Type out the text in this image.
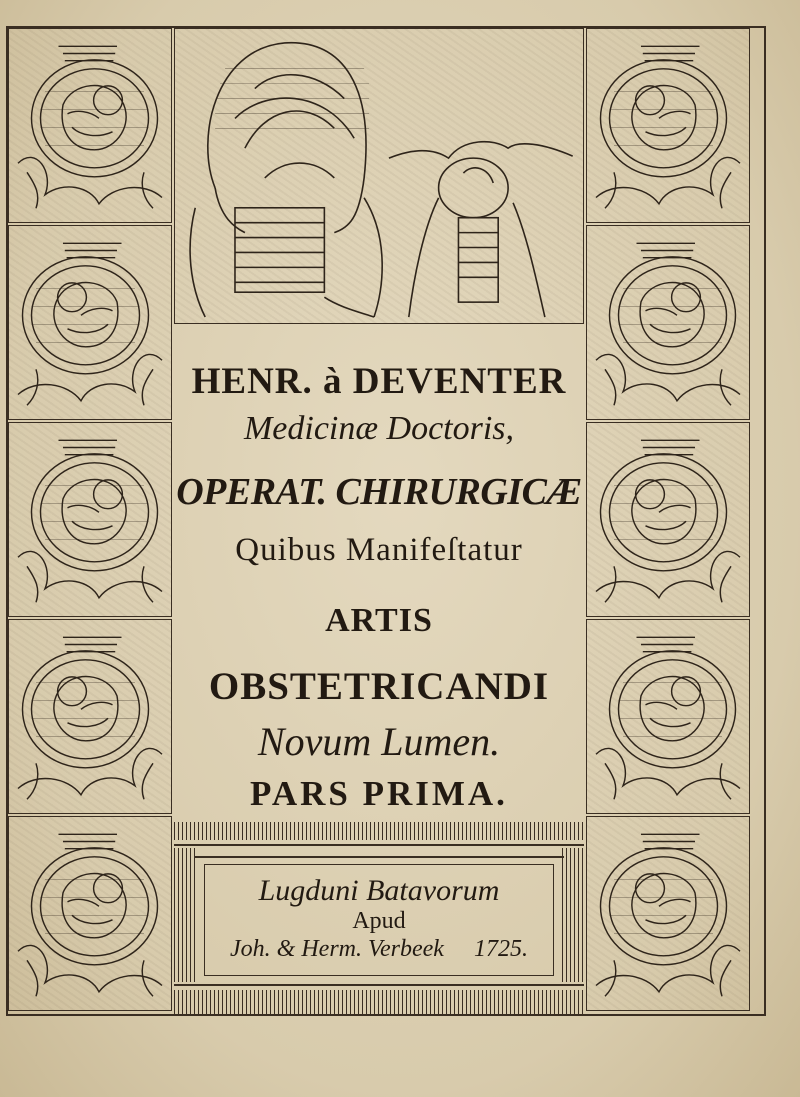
HENR. à DEVENTER
Medicinæ Doctoris,
OPERAT. CHIRURGICÆ
Quibus Manifeſtatur
ARTIS
OBSTETRICANDI
Novum Lumen.
PARS PRIMA.
Lugduni Batavorum
Apud
Joh. & Herm. Verbeek 1725.
